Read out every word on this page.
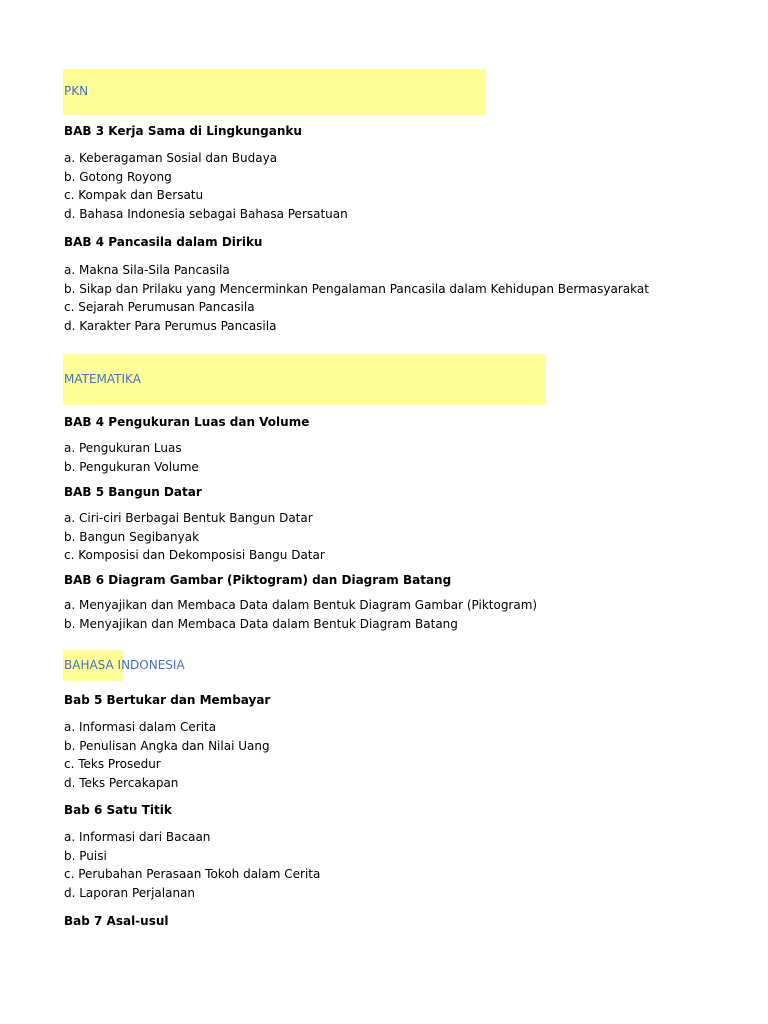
PKN
BAB 3 Kerja Sama di Lingkunganku
a. Keberagaman Sosial dan Budaya
b. Gotong Royong
c. Kompak dan Bersatu
d. Bahasa Indonesia sebagai Bahasa Persatuan
BAB 4 Pancasila dalam Diriku
a. Makna Sila-Sila Pancasila
b. Sikap dan Prilaku yang Mencerminkan Pengalaman Pancasila dalam Kehidupan Bermasyarakat
c. Sejarah Perumusan Pancasila
d. Karakter Para Perumus Pancasila
MATEMATIKA
BAB 4 Pengukuran Luas dan Volume
a. Pengukuran Luas
b. Pengukuran Volume
BAB 5 Bangun Datar
a. Ciri-ciri Berbagai Bentuk Bangun Datar
b. Bangun Segibanyak
c. Komposisi dan Dekomposisi Bangu Datar
BAB 6 Diagram Gambar (Piktogram) dan Diagram Batang
a. Menyajikan dan Membaca Data dalam Bentuk Diagram Gambar (Piktogram)
b. Menyajikan dan Membaca Data dalam Bentuk Diagram Batang
BAHASA INDONESIA
Bab 5 Bertukar dan Membayar
a. Informasi dalam Cerita
b. Penulisan Angka dan Nilai Uang
c. Teks Prosedur
d. Teks Percakapan
Bab 6 Satu Titik
a. Informasi dari Bacaan
b. Puisi
c. Perubahan Perasaan Tokoh dalam Cerita
d. Laporan Perjalanan
Bab 7 Asal-usul
